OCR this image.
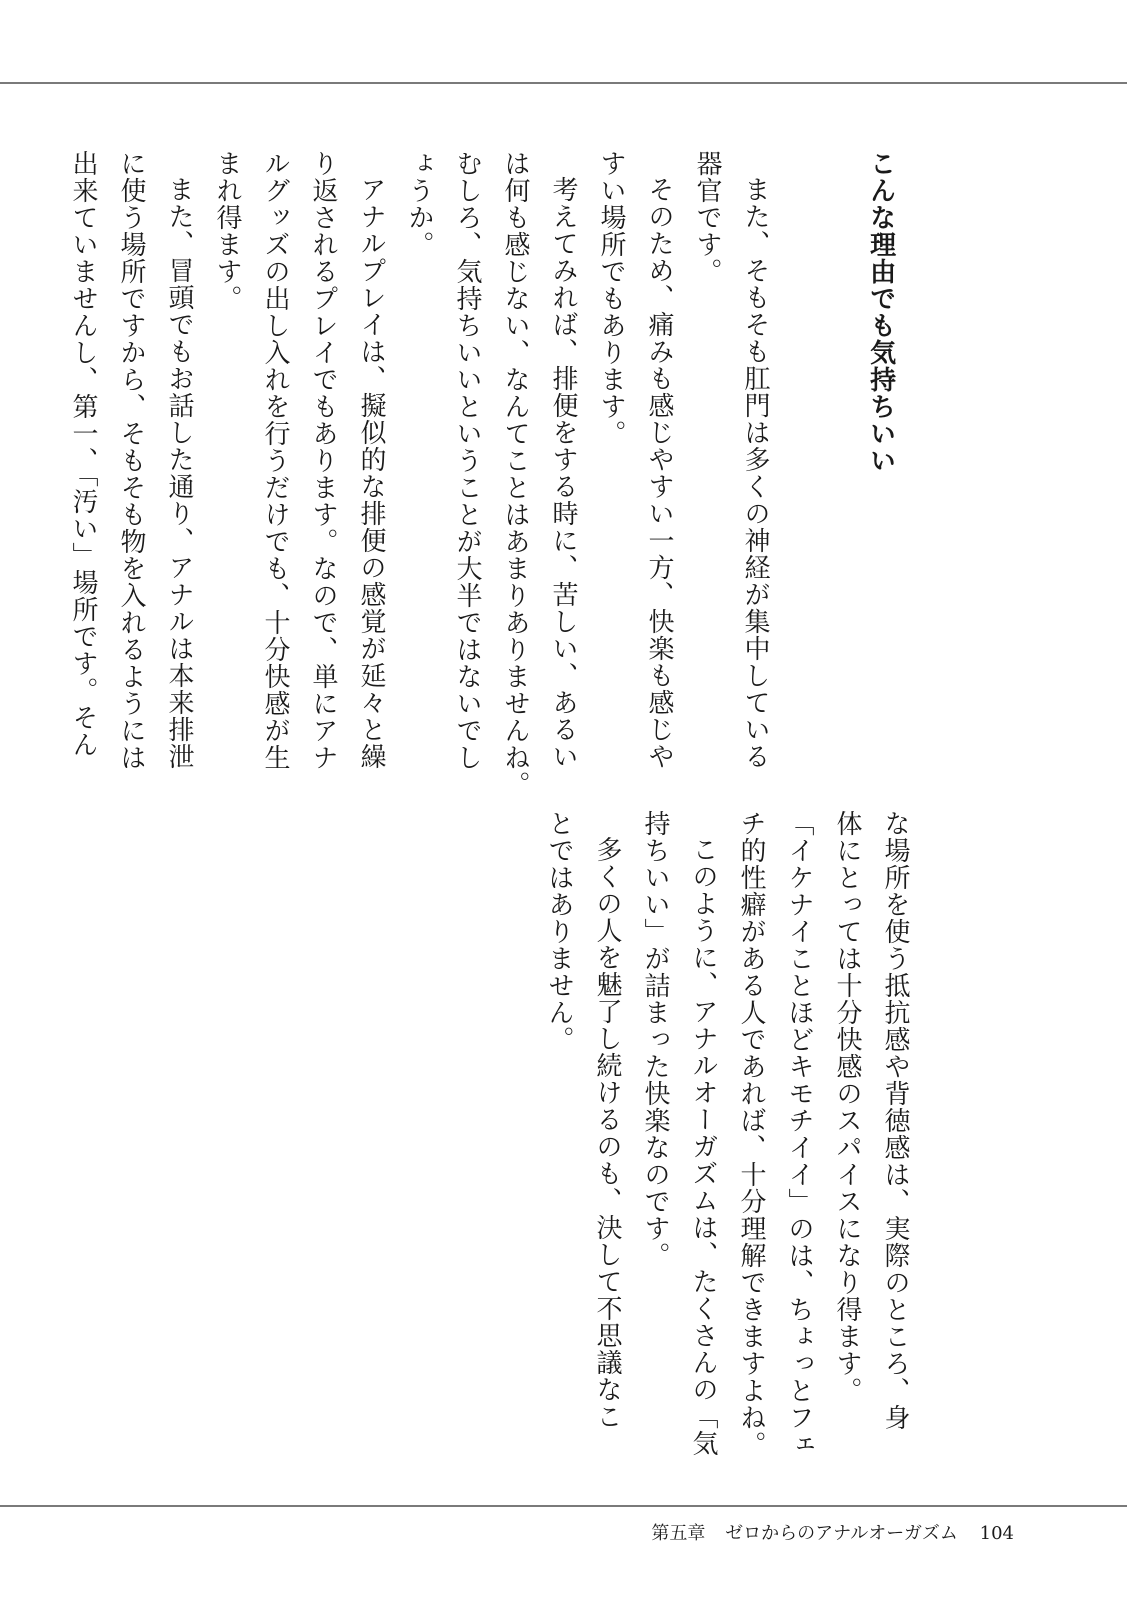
こんな理由でも気持ちいい

また、そもそも肛門は多くの神経が集中している
器官です。

そのため、痛みも感じやすい一方、快楽も感じや
すい場所でもあります。

考えてみれば、排便をする時に、苦しい、あるい
は何も感じない、なんてことはあまりありませんね。
むしろ、気持ちいいということが大半ではないでし
ょうか。

アナルプレイは、擬似的な排便の感覚が延々と繰
り返されるプレイでもあります。なので、単にアナ
ルグッズの出し入れを行うだけでも、十分快感が生
まれ得ます。

また、冒頭でもお話した通り、アナルは本来排泄
に使う場所ですから、そもそも物を入れるようには
出来ていませんし、第一、「汚い」場所です。そん

な場所を使う抵抗感や背徳感は、実際のところ、身
体にとっては十分快感のスパイスになり得ます。
「イケナイことほどキモチイイ」のは、ちょっとフェ
チ的性癖がある人であれば、十分理解できますよね。

このように、アナルオーガズムは、たくさんの「気
持ちいい」が詰まった快楽なのです。

多くの人を魅了し続けるのも、決して不思議なこ
とではありません。

第五章 ゼロからのアナルオーガズム 104
